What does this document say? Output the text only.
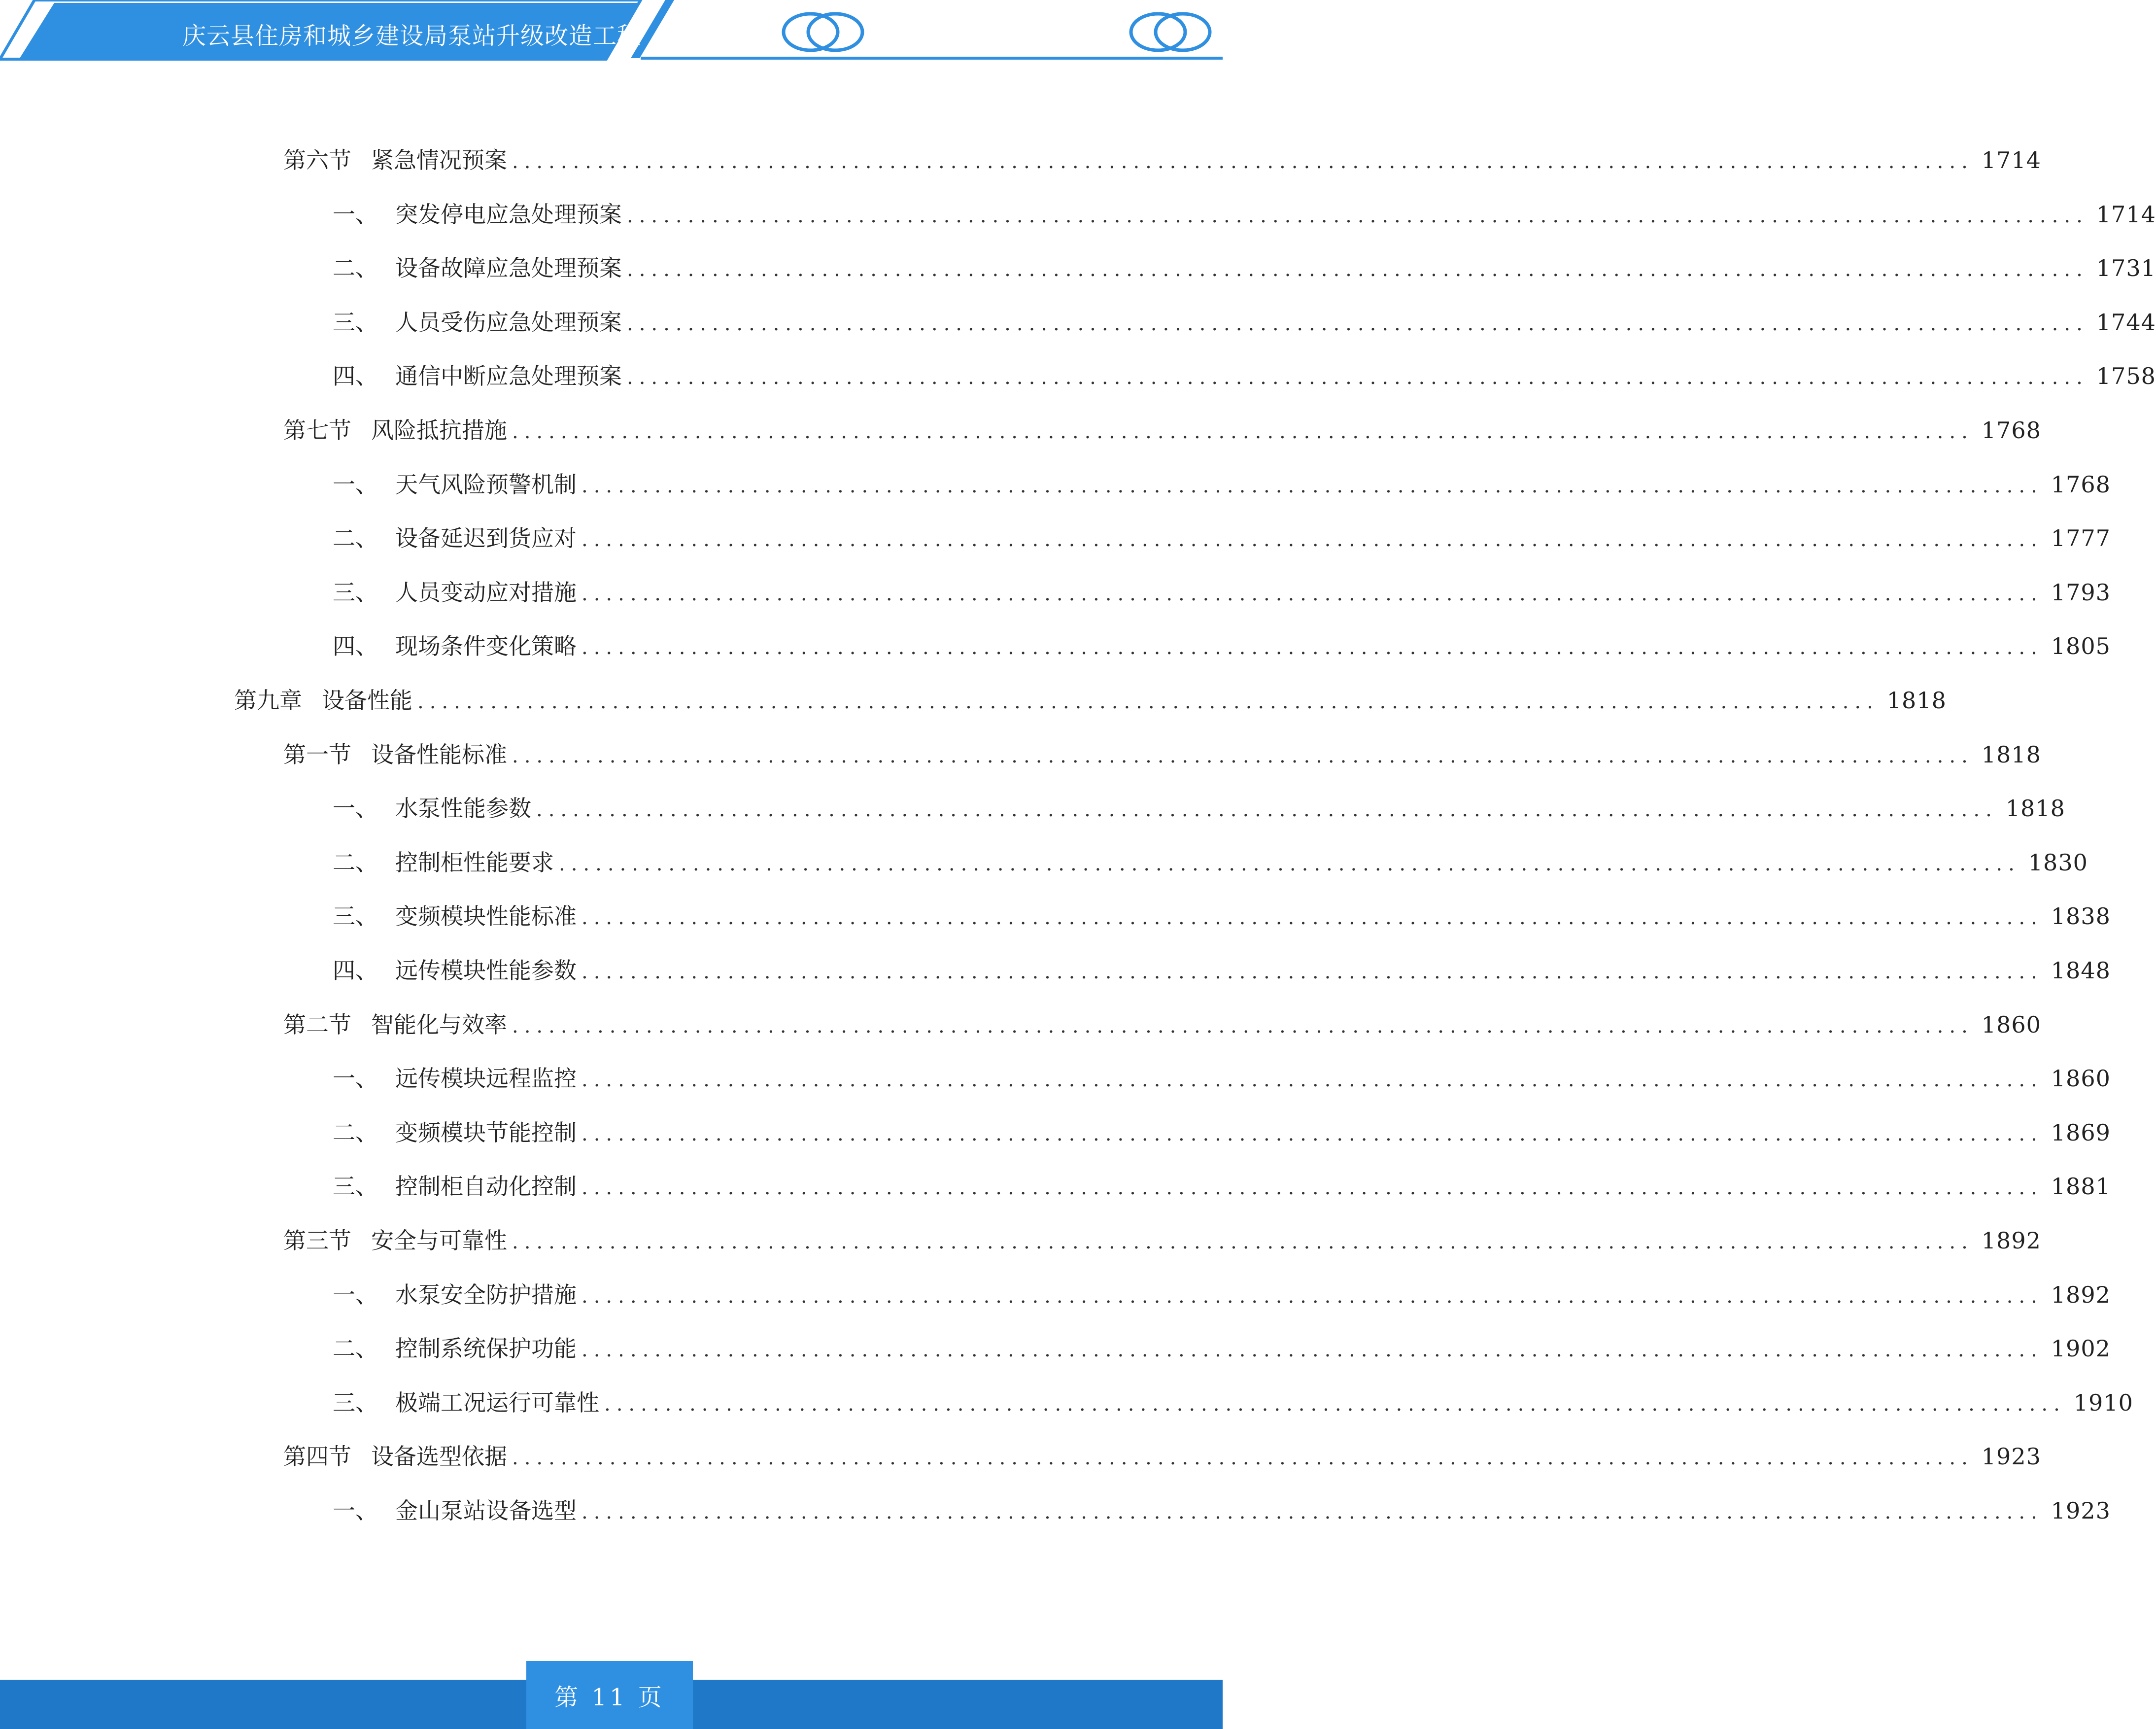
庆云县住房和城乡建设局泵站升级改造工程
第六节 紧急情况预案 ........................................................................................................................ 1714
一、 突发停电应急处理预案 ........................................................................................................................ 1714
二、 设备故障应急处理预案 ........................................................................................................................ 1731
三、 人员受伤应急处理预案 ........................................................................................................................ 1744
四、 通信中断应急处理预案 ........................................................................................................................ 1758
第七节 风险抵抗措施 ........................................................................................................................ 1768
一、 天气风险预警机制 ........................................................................................................................ 1768
二、 设备延迟到货应对 ........................................................................................................................ 1777
三、 人员变动应对措施 ........................................................................................................................ 1793
四、 现场条件变化策略 ........................................................................................................................ 1805
第九章 设备性能 ........................................................................................................................ 1818
第一节 设备性能标准 ........................................................................................................................ 1818
一、 水泵性能参数 ........................................................................................................................ 1818
二、 控制柜性能要求 ........................................................................................................................ 1830
三、 变频模块性能标准 ........................................................................................................................ 1838
四、 远传模块性能参数 ........................................................................................................................ 1848
第二节 智能化与效率 ........................................................................................................................ 1860
一、 远传模块远程监控 ........................................................................................................................ 1860
二、 变频模块节能控制 ........................................................................................................................ 1869
三、 控制柜自动化控制 ........................................................................................................................ 1881
第三节 安全与可靠性 ........................................................................................................................ 1892
一、 水泵安全防护措施 ........................................................................................................................ 1892
二、 控制系统保护功能 ........................................................................................................................ 1902
三、 极端工况运行可靠性 ........................................................................................................................ 1910
第四节 设备选型依据 ........................................................................................................................ 1923
一、 金山泵站设备选型 ........................................................................................................................ 1923
第 11 页
